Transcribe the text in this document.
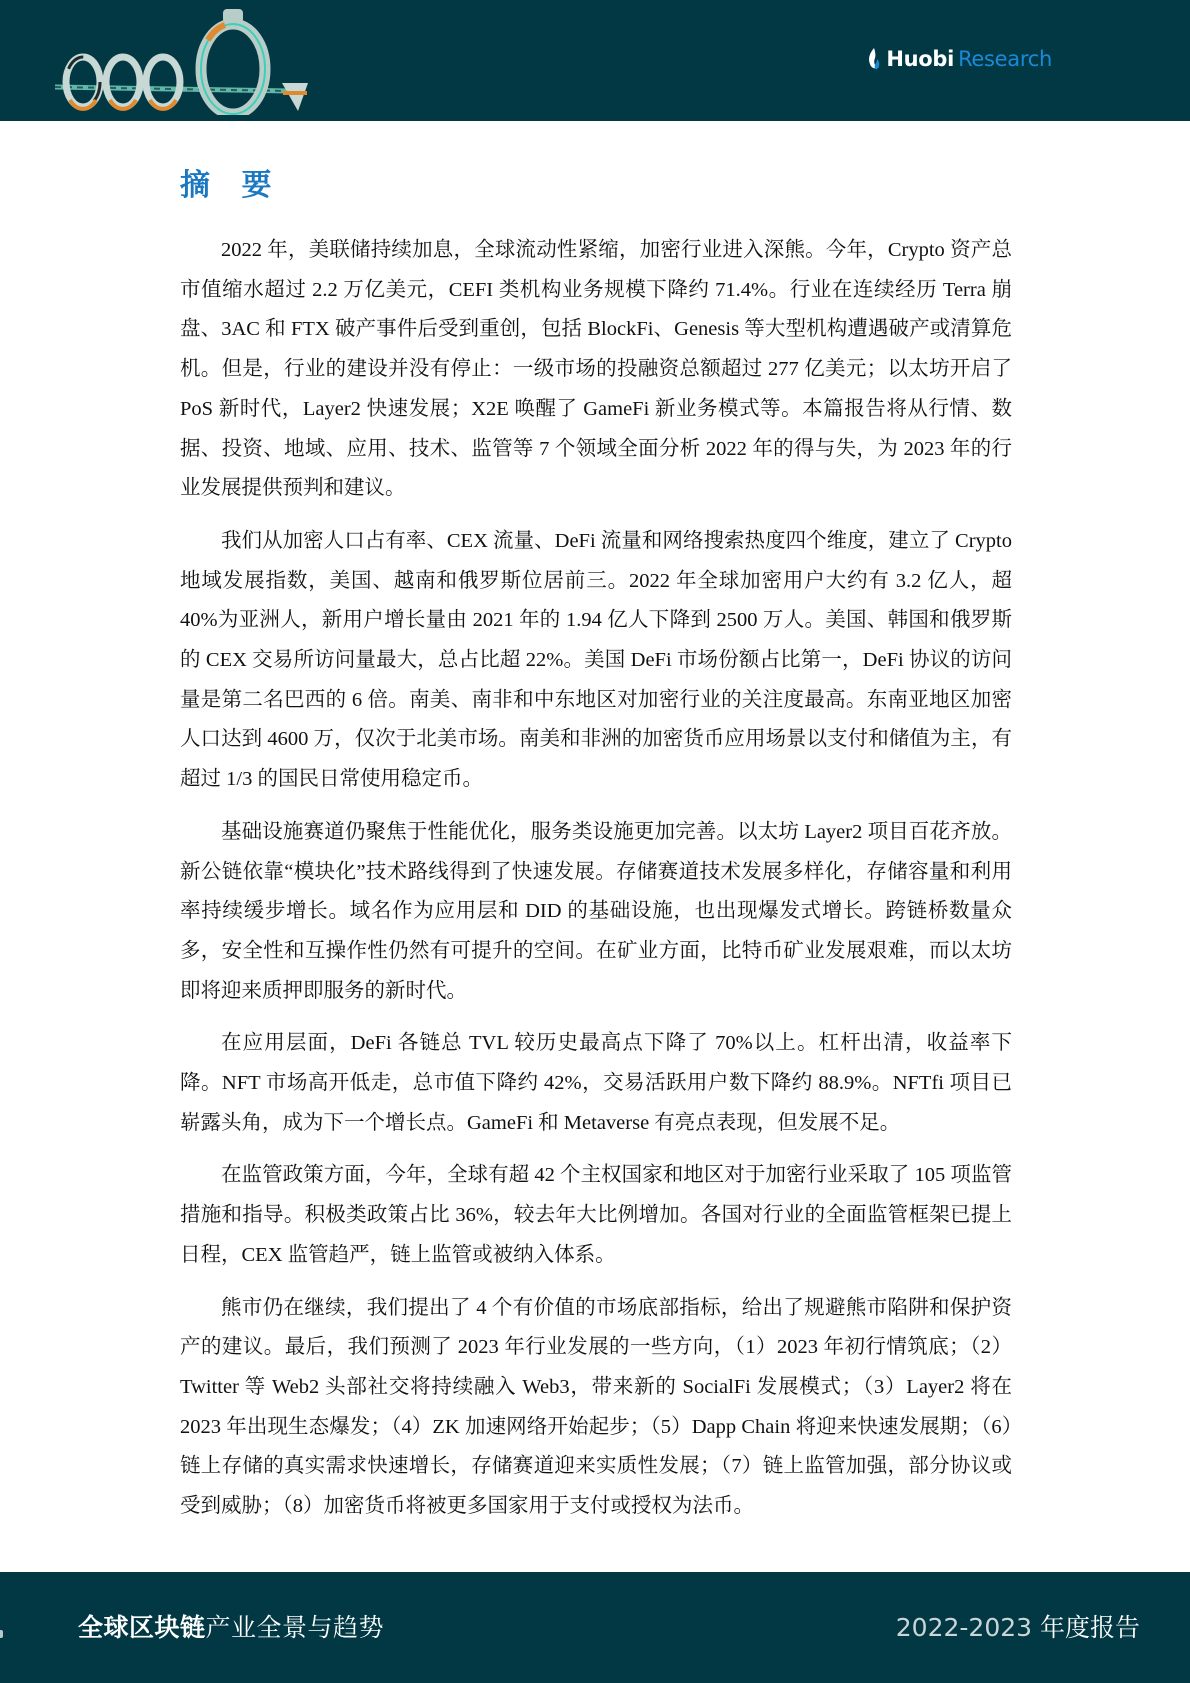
Huobi Research
摘 要

2022 年，美联储持续加息，全球流动性紧缩，加密行业进入深熊。今年，Crypto 资产总市值缩水超过 2.2 万亿美元，CEFI 类机构业务规模下降约 71.4%。行业在连续经历 Terra 崩盘、3AC 和 FTX 破产事件后受到重创，包括 BlockFi、Genesis 等大型机构遭遇破产或清算危机。但是，行业的建设并没有停止：一级市场的投融资总额超过 277 亿美元；以太坊开启了 PoS 新时代，Layer2 快速发展；X2E 唤醒了 GameFi 新业务模式等。本篇报告将从行情、数据、投资、地域、应用、技术、监管等 7 个领域全面分析 2022 年的得与失，为 2023 年的行业发展提供预判和建议。

我们从加密人口占有率、CEX 流量、DeFi 流量和网络搜索热度四个维度，建立了 Crypto 地域发展指数，美国、越南和俄罗斯位居前三。2022 年全球加密用户大约有 3.2 亿人，超 40%为亚洲人，新用户增长量由 2021 年的 1.94 亿人下降到 2500 万人。美国、韩国和俄罗斯的 CEX 交易所访问量最大，总占比超 22%。美国 DeFi 市场份额占比第一，DeFi 协议的访问量是第二名巴西的 6 倍。南美、南非和中东地区对加密行业的关注度最高。东南亚地区加密人口达到 4600 万，仅次于北美市场。南美和非洲的加密货币应用场景以支付和储值为主，有超过 1/3 的国民日常使用稳定币。

基础设施赛道仍聚焦于性能优化，服务类设施更加完善。以太坊 Layer2 项目百花齐放。新公链依靠“模块化”技术路线得到了快速发展。存储赛道技术发展多样化，存储容量和利用率持续缓步增长。域名作为应用层和 DID 的基础设施，也出现爆发式增长。跨链桥数量众多，安全性和互操作性仍然有可提升的空间。在矿业方面，比特币矿业发展艰难，而以太坊即将迎来质押即服务的新时代。

在应用层面，DeFi 各链总 TVL 较历史最高点下降了 70%以上。杠杆出清，收益率下降。NFT 市场高开低走，总市值下降约 42%，交易活跃用户数下降约 88.9%。NFTfi 项目已崭露头角，成为下一个增长点。GameFi 和 Metaverse 有亮点表现，但发展不足。

在监管政策方面，今年，全球有超 42 个主权国家和地区对于加密行业采取了 105 项监管措施和指导。积极类政策占比 36%，较去年大比例增加。各国对行业的全面监管框架已提上日程，CEX 监管趋严，链上监管或被纳入体系。

熊市仍在继续，我们提出了 4 个有价值的市场底部指标，给出了规避熊市陷阱和保护资产的建议。最后，我们预测了 2023 年行业发展的一些方向，（1）2023 年初行情筑底；（2）Twitter 等 Web2 头部社交将持续融入 Web3，带来新的 SocialFi 发展模式；（3）Layer2 将在 2023 年出现生态爆发；（4）ZK 加速网络开始起步；（5）Dapp Chain 将迎来快速发展期；（6）链上存储的真实需求快速增长，存储赛道迎来实质性发展；（7）链上监管加强，部分协议或受到威胁；（8）加密货币将被更多国家用于支付或授权为法币。

全球区块链产业全景与趋势	2022-2023 年度报告
